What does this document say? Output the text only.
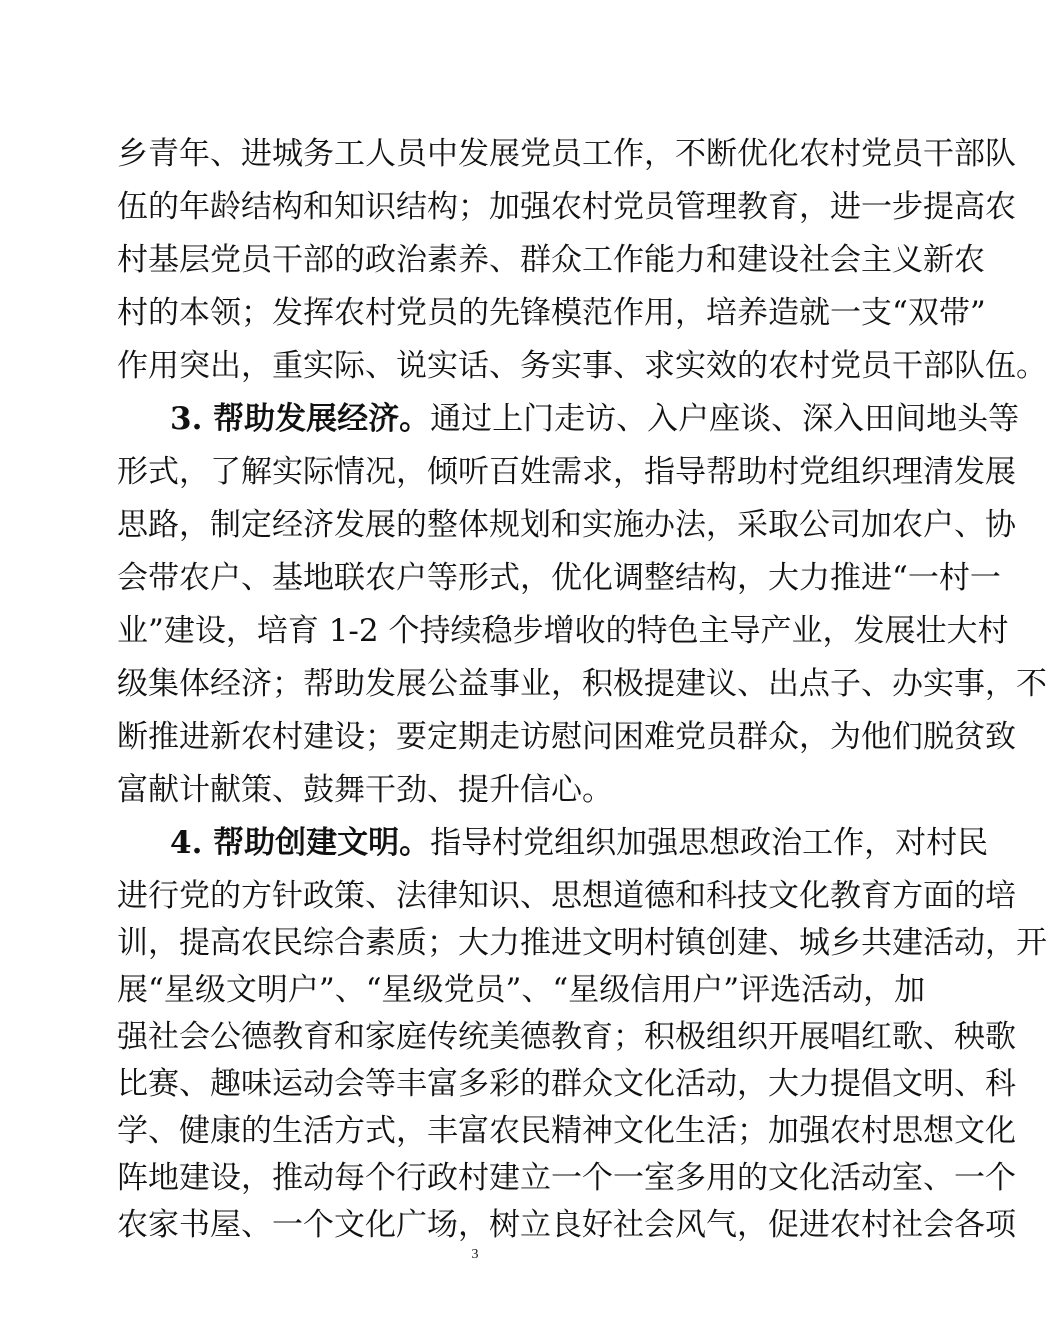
乡青年、进城务工人员中发展党员工作，不断优化农村党员干部队
伍的年龄结构和知识结构；加强农村党员管理教育，进一步提高农
村基层党员干部的政治素养、群众工作能力和建设社会主义新农
村的本领；发挥农村党员的先锋模范作用，培养造就一支“双带”
作用突出，重实际、说实话、务实事、求实效的农村党员干部队伍。
3. 帮助发展经济。通过上门走访、入户座谈、深入田间地头等
形式，了解实际情况，倾听百姓需求，指导帮助村党组织理清发展
思路，制定经济发展的整体规划和实施办法，采取公司加农户、协
会带农户、基地联农户等形式，优化调整结构，大力推进“一村一
业”建设，培育 1-2 个持续稳步增收的特色主导产业，发展壮大村
级集体经济；帮助发展公益事业，积极提建议、出点子、办实事，不
断推进新农村建设；要定期走访慰问困难党员群众，为他们脱贫致
富献计献策、鼓舞干劲、提升信心。
4. 帮助创建文明。指导村党组织加强思想政治工作，对村民
进行党的方针政策、法律知识、思想道德和科技文化教育方面的培
训，提高农民综合素质；大力推进文明村镇创建、城乡共建活动，开
展“星级文明户”、“星级党员”、“星级信用户”评选活动，加
强社会公德教育和家庭传统美德教育；积极组织开展唱红歌、秧歌
比赛、趣味运动会等丰富多彩的群众文化活动，大力提倡文明、科
学、健康的生活方式，丰富农民精神文化生活；加强农村思想文化
阵地建设，推动每个行政村建立一个一室多用的文化活动室、一个
3
农家书屋、一个文化广场，树立良好社会风气，促进农村社会各项
